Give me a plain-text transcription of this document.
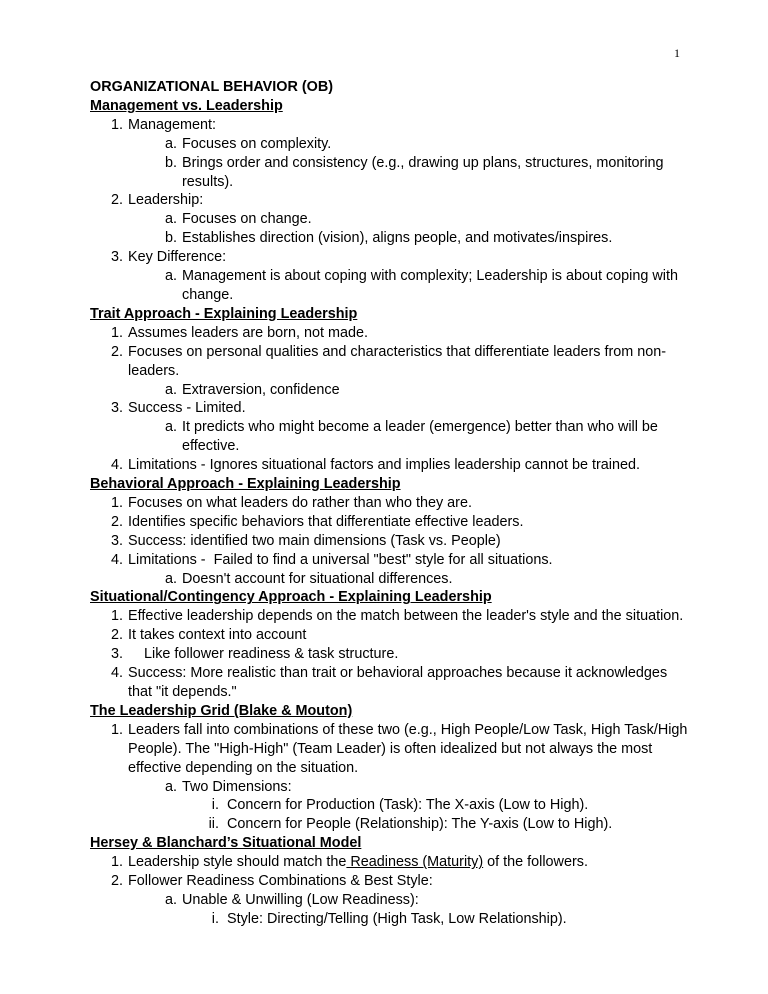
1
ORGANIZATIONAL BEHAVIOR (OB)
Management vs. Leadership
1. Management:
a. Focuses on complexity.
b. Brings order and consistency (e.g., drawing up plans, structures, monitoring
results).
2. Leadership:
a. Focuses on change.
b. Establishes direction (vision), aligns people, and motivates/inspires.
3. Key Difference:
a. Management is about coping with complexity; Leadership is about coping with
change.
Trait Approach - Explaining Leadership
1. Assumes leaders are born, not made.
2. Focuses on personal qualities and characteristics that differentiate leaders from non-
leaders.
a. Extraversion, confidence
3. Success - Limited.
a. It predicts who might become a leader (emergence) better than who will be
effective.
4. Limitations - Ignores situational factors and implies leadership cannot be trained.
Behavioral Approach - Explaining Leadership
1. Focuses on what leaders do rather than who they are.
2. Identifies specific behaviors that differentiate effective leaders.
3. Success: identified two main dimensions (Task vs. People)
4. Limitations -  Failed to find a universal "best" style for all situations.
a. Doesn't account for situational differences.
Situational/Contingency Approach - Explaining Leadership
1. Effective leadership depends on the match between the leader's style and the situation.
2. It takes context into account
3. Like follower readiness & task structure.
4. Success: More realistic than trait or behavioral approaches because it acknowledges
that "it depends."
The Leadership Grid (Blake & Mouton)
1. Leaders fall into combinations of these two (e.g., High People/Low Task, High Task/High
People). The "High-High" (Team Leader) is often idealized but not always the most
effective depending on the situation.
a. Two Dimensions:
i. Concern for Production (Task): The X-axis (Low to High).
ii. Concern for People (Relationship): The Y-axis (Low to High).
Hersey & Blanchard’s Situational Model
1. Leadership style should match the Readiness (Maturity) of the followers.
2. Follower Readiness Combinations & Best Style:
a. Unable & Unwilling (Low Readiness):
i. Style: Directing/Telling (High Task, Low Relationship).
